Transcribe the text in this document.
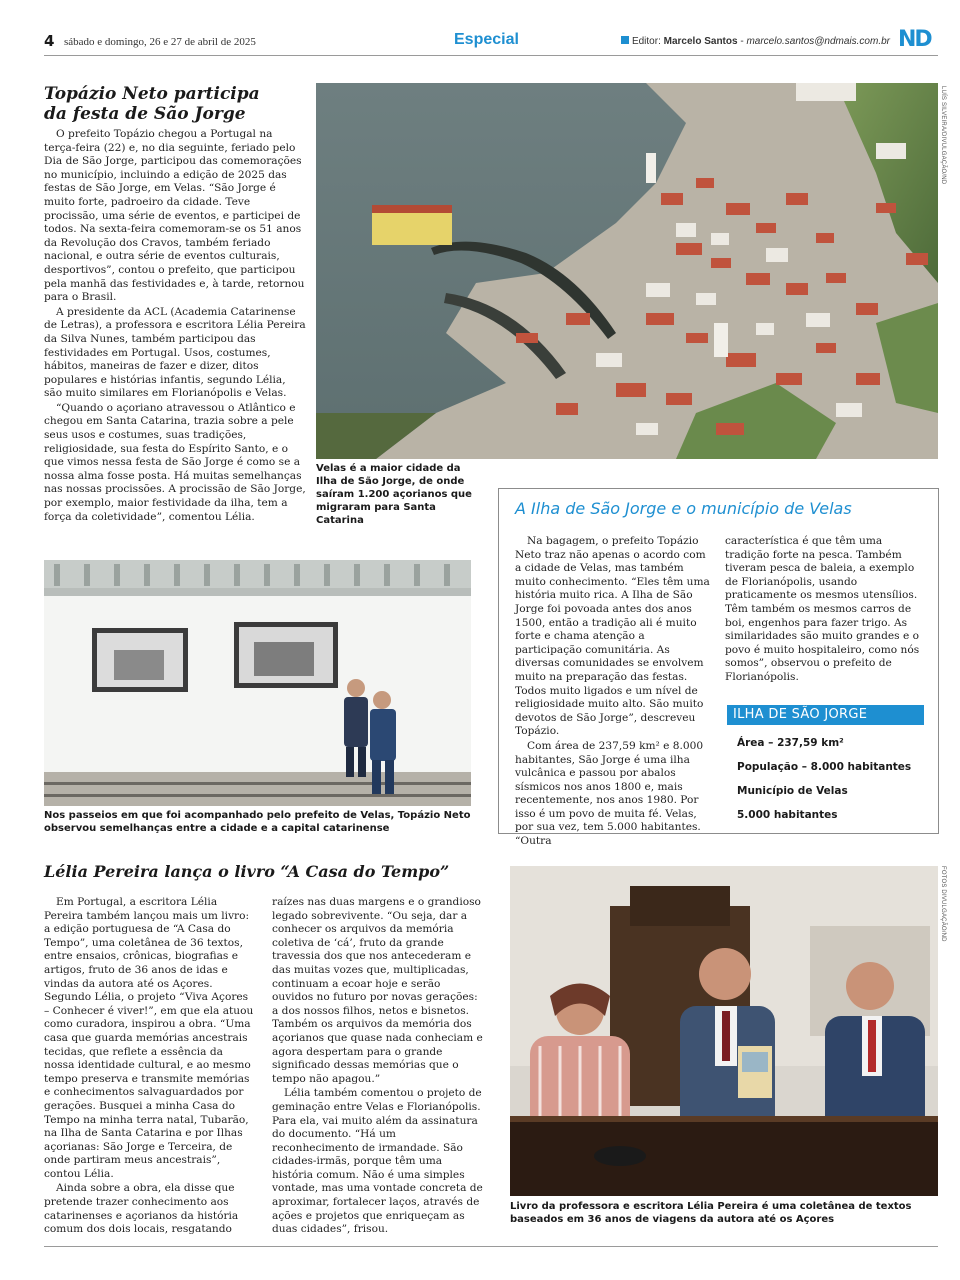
4 sábado e domingo, 26 e 27 de abril de 2025	Especial	Editor: Marcelo Santos - marcelo.santos@ndmais.com.br ND
Topázio Neto participa
da festa de São Jorge

O prefeito Topázio chegou a Portugal na terça-feira (22) e, no dia seguinte, feriado pelo Dia de São Jorge, participou das comemorações no município, incluindo a edição de 2025 das festas de São Jorge, em Velas. “São Jorge é muito forte, padroeiro da cidade. Teve procissão, uma série de eventos, e participei de todos. Na sexta-feira comemoram-se os 51 anos da Revolução dos Cravos, também feriado nacional, e outra série de eventos culturais, desportivos”, contou o prefeito, que participou pela manhã das festividades e, à tarde, retornou para o Brasil.

A presidente da ACL (Academia Catarinense de Letras), a professora e escritora Lélia Pereira da Silva Nunes, também participou das festividades em Portugal. Usos, costumes, hábitos, maneiras de fazer e dizer, ditos populares e histórias infantis, segundo Lélia, são muito similares em Florianópolis e Velas.

“Quando o açoriano atravessou o Atlântico e chegou em Santa Catarina, trazia sobre a pele seus usos e costumes, suas tradições, religiosidade, sua festa do Espírito Santo, e o que vimos nessa festa de São Jorge é como se a nossa alma fosse posta. Há muitas semelhanças nas nossas procissões. A procissão de São Jorge, por exemplo, maior festividade da ilha, tem a força da coletividade”, comentou Lélia.

LUÍS SILVEIRA/DIVULGAÇÃO/ND
Velas é a maior cidade da Ilha de São Jorge, de onde saíram 1.200 açorianos que migraram para Santa Catarina
Nos passeios em que foi acompanhado pelo prefeito de Velas, Topázio Neto observou semelhanças entre a cidade e a capital catarinense
A Ilha de São Jorge e o município de Velas

Na bagagem, o prefeito Topázio Neto traz não apenas o acordo com a cidade de Velas, mas também muito conhecimento. “Eles têm uma história muito rica. A Ilha de São Jorge foi povoada antes dos anos 1500, então a tradição ali é muito forte e chama atenção a participação comunitária. As diversas comunidades se envolvem muito na preparação das festas. Todos muito ligados e um nível de religiosidade muito alto. São muito devotos de São Jorge”, descreveu Topázio.

Com área de 237,59 km² e 8.000 habitantes, São Jorge é uma ilha vulcânica e passou por abalos sísmicos nos anos 1800 e, mais recentemente, nos anos 1980. Por isso é um povo de muita fé. Velas, por sua vez, tem 5.000 habitantes. “Outra

característica é que têm uma tradição forte na pesca. Também tiveram pesca de baleia, a exemplo de Florianópolis, usando praticamente os mesmos utensílios. Têm também os mesmos carros de boi, engenhos para fazer trigo. As similaridades são muito grandes e o povo é muito hospitaleiro, como nós somos”, observou o prefeito de Florianópolis.

ILHA DE SÃO JORGE
Área – 237,59 km²
População – 8.000 habitantes
Município de Velas
5.000 habitantes
Lélia Pereira lança o livro “A Casa do Tempo”

Em Portugal, a escritora Lélia Pereira também lançou mais um livro: a edição portuguesa de “A Casa do Tempo”, uma coletânea de 36 textos, entre ensaios, crônicas, biografias e artigos, fruto de 36 anos de idas e vindas da autora até os Açores. Segundo Lélia, o projeto “Viva Açores – Conhecer é viver!”, em que ela atuou como curadora, inspirou a obra. “Uma casa que guarda memórias ancestrais tecidas, que reflete a essência da nossa identidade cultural, e ao mesmo tempo preserva e transmite memórias e conhecimentos salvaguardados por gerações. Busquei a minha Casa do Tempo na minha terra natal, Tubarão, na Ilha de Santa Catarina e por Ilhas açorianas: São Jorge e Terceira, de onde partiram meus ancestrais”, contou Lélia.

Ainda sobre a obra, ela disse que pretende trazer conhecimento aos catarinenses e açorianos da história comum dos dois locais, resgatando

raízes nas duas margens e o grandioso legado sobrevivente. “Ou seja, dar a conhecer os arquivos da memória coletiva de ‘cá’, fruto da grande travessia dos que nos antecederam e das muitas vozes que, multiplicadas, continuam a ecoar hoje e serão ouvidos no futuro por novas gerações: a dos nossos filhos, netos e bisnetos. Também os arquivos da memória dos açorianos que quase nada conheciam e agora despertam para o grande significado dessas memórias que o tempo não apagou.”

Lélia também comentou o projeto de geminação entre Velas e Florianópolis. Para ela, vai muito além da assinatura do documento. “Há um reconhecimento de irmandade. São cidades-irmãs, porque têm uma história comum. Não é uma simples vontade, mas uma vontade concreta de aproximar, fortalecer laços, através de ações e projetos que enriqueçam as duas cidades”, frisou.

FOTOS DIVULGAÇÃO/ND
Livro da professora e escritora Lélia Pereira é uma coletânea de textos baseados em 36 anos de viagens da autora até os Açores
